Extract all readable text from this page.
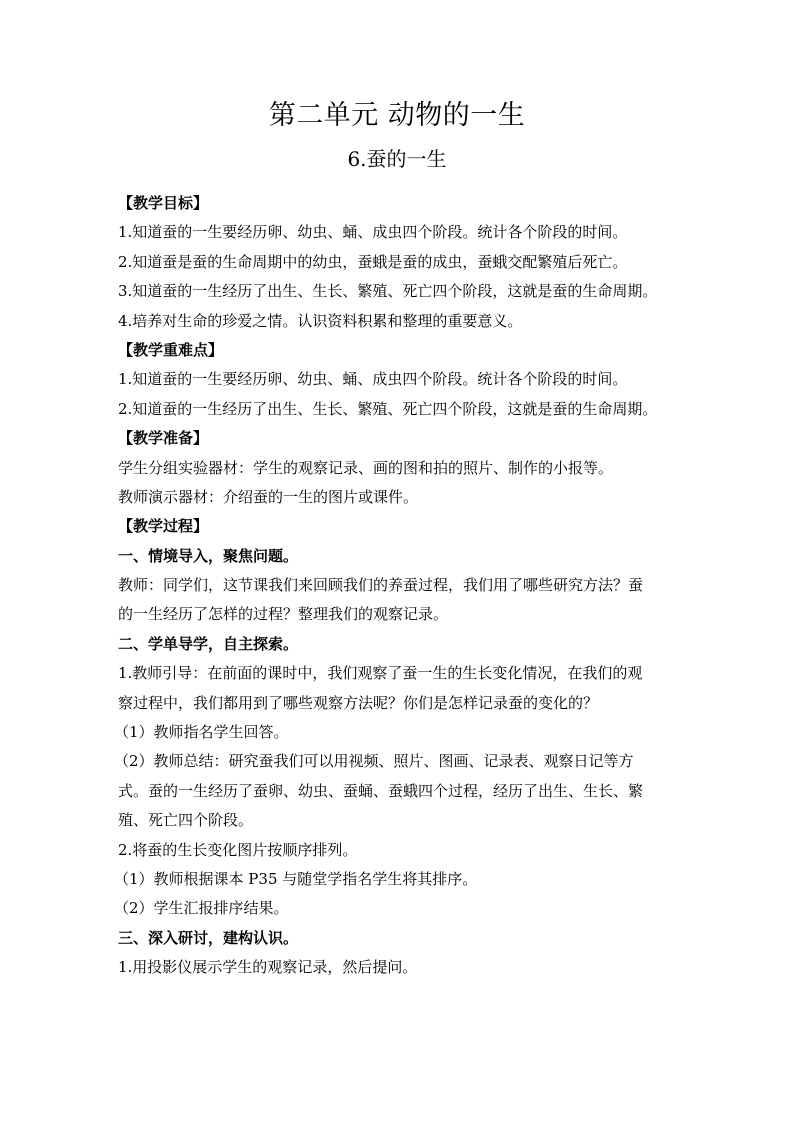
第二单元 动物的一生
6.蚕的一生
【教学目标】
1.知道蚕的一生要经历卵、幼虫、蛹、成虫四个阶段。统计各个阶段的时间。
2.知道蚕是蚕的生命周期中的幼虫，蚕蛾是蚕的成虫，蚕蛾交配繁殖后死亡。
3.知道蚕的一生经历了出生、生长、繁殖、死亡四个阶段，这就是蚕的生命周期。
4.培养对生命的珍爱之情。认识资料积累和整理的重要意义。
【教学重难点】
1.知道蚕的一生要经历卵、幼虫、蛹、成虫四个阶段。统计各个阶段的时间。
2.知道蚕的一生经历了出生、生长、繁殖、死亡四个阶段，这就是蚕的生命周期。
【教学准备】
学生分组实验器材：学生的观察记录、画的图和拍的照片、制作的小报等。
教师演示器材：介绍蚕的一生的图片或课件。
【教学过程】
一、情境导入，聚焦问题。
教师：同学们，这节课我们来回顾我们的养蚕过程，我们用了哪些研究方法？蚕
的一生经历了怎样的过程？整理我们的观察记录。
二、学单导学，自主探索。
1.教师引导：在前面的课时中，我们观察了蚕一生的生长变化情况，在我们的观
察过程中，我们都用到了哪些观察方法呢？你们是怎样记录蚕的变化的？
（1）教师指名学生回答。
（2）教师总结：研究蚕我们可以用视频、照片、图画、记录表、观察日记等方
式。蚕的一生经历了蚕卵、幼虫、蚕蛹、蚕蛾四个过程，经历了出生、生长、繁
殖、死亡四个阶段。
2.将蚕的生长变化图片按顺序排列。
（1）教师根据课本 P35 与随堂学指名学生将其排序。
（2）学生汇报排序结果。
三、深入研讨，建构认识。
1.用投影仪展示学生的观察记录，然后提问。
